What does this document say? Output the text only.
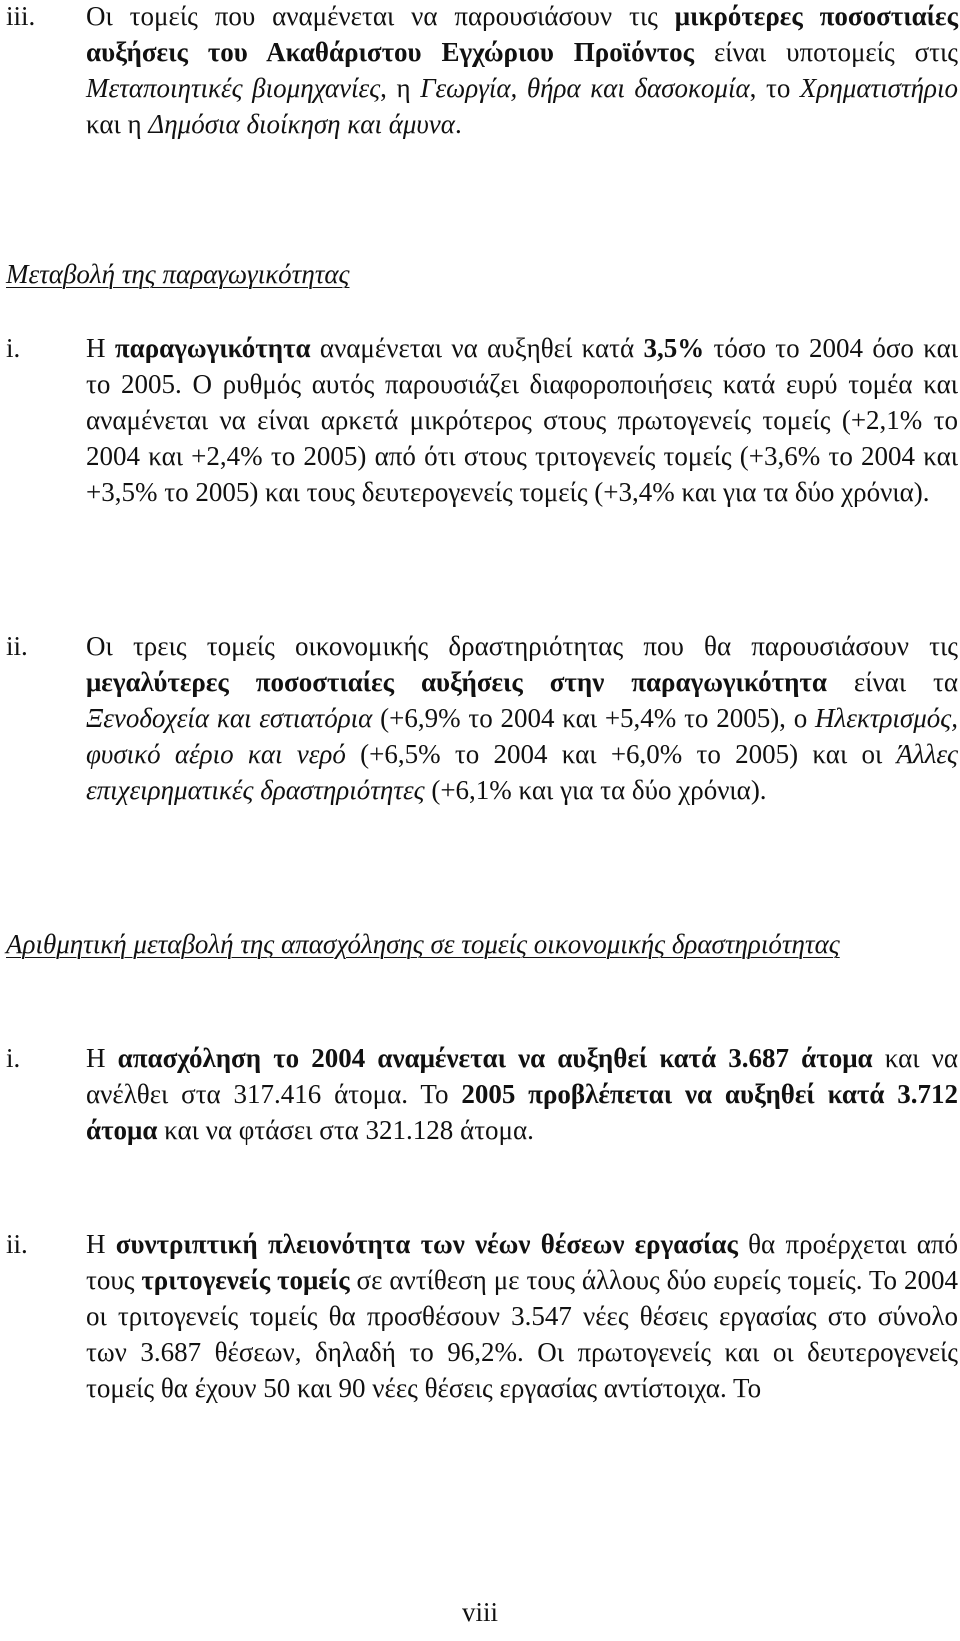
iii.	Οι τομείς που αναμένεται να παρουσιάσουν τις μικρότερες ποσοστιαίες αυξήσεις του Ακαθάριστου Εγχώριου Προϊόντος είναι υποτομείς στις Μεταποιητικές βιομηχανίες, η Γεωργία, θήρα και δασοκομία, το Χρηματιστήριο και η Δημόσια διοίκηση και άμυνα.
Μεταβολή της παραγωγικότητας
i.	Η παραγωγικότητα αναμένεται να αυξηθεί κατά 3,5% τόσο το 2004 όσο και το 2005. Ο ρυθμός αυτός παρουσιάζει διαφοροποιήσεις κατά ευρύ τομέα και αναμένεται να είναι αρκετά μικρότερος στους πρωτογενείς τομείς (+2,1% το 2004 και +2,4% το 2005) από ότι στους τριτογενείς τομείς (+3,6% το 2004 και +3,5% το 2005) και τους δευτερογενείς τομείς (+3,4% και για τα δύο χρόνια).
ii.	Οι τρεις τομείς οικονομικής δραστηριότητας που θα παρουσιάσουν τις μεγαλύτερες ποσοστιαίες αυξήσεις στην παραγωγικότητα είναι τα Ξενοδοχεία και εστιατόρια (+6,9% το 2004 και +5,4% το 2005), ο Ηλεκτρισμός, φυσικό αέριο και νερό (+6,5% το 2004 και +6,0% το 2005) και οι Άλλες επιχειρηματικές δραστηριότητες (+6,1% και για τα δύο χρόνια).
Αριθμητική μεταβολή της απασχόλησης σε τομείς οικονομικής δραστηριότητας
i.	Η απασχόληση το 2004 αναμένεται να αυξηθεί κατά 3.687 άτομα και να ανέλθει στα 317.416 άτομα. Το 2005 προβλέπεται να αυξηθεί κατά 3.712 άτομα και να φτάσει στα 321.128 άτομα.
ii.	Η συντριπτική πλειονότητα των νέων θέσεων εργασίας θα προέρχεται από τους τριτογενείς τομείς σε αντίθεση με τους άλλους δύο ευρείς τομείς. Το 2004 οι τριτογενείς τομείς θα προσθέσουν 3.547 νέες θέσεις εργασίας στο σύνολο των 3.687 θέσεων, δηλαδή το 96,2%. Οι πρωτογενείς και οι δευτερογενείς τομείς θα έχουν 50 και 90 νέες θέσεις εργασίας αντίστοιχα. Το
viii
